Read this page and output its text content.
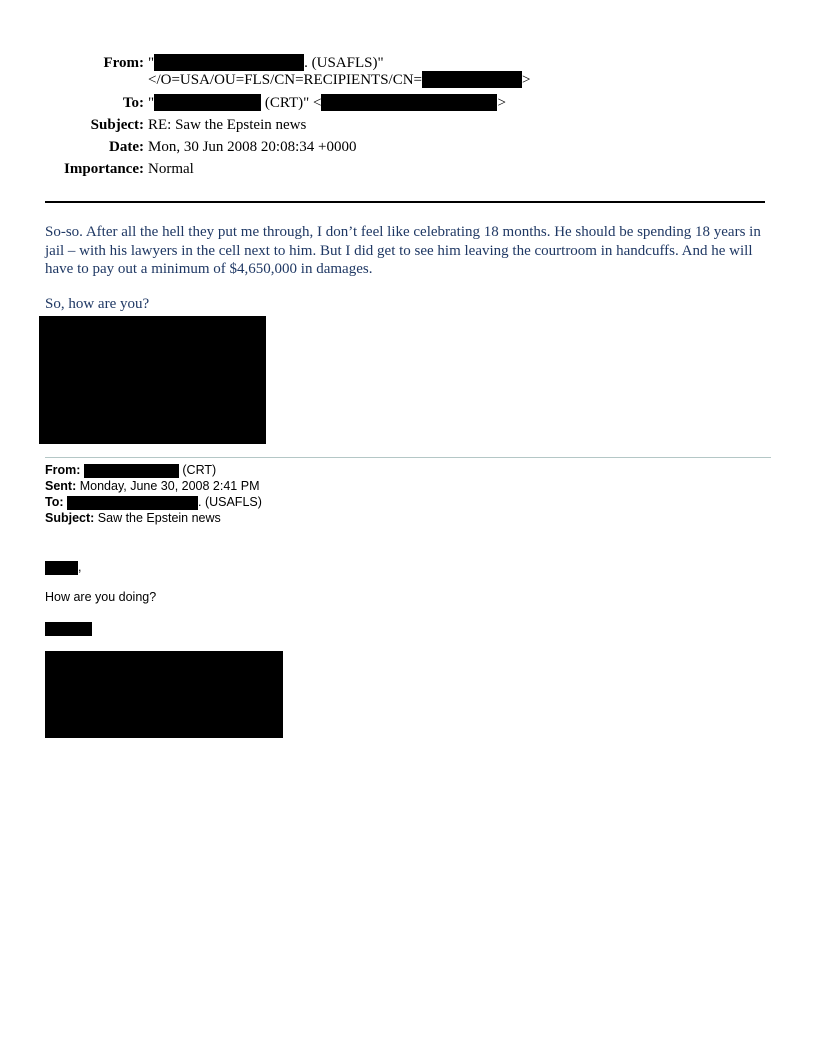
From: "	. (USAFLS)"
</O=USA/OU=FLS/CN=RECIPIENTS/CN=	>
To: "	(CRT)" <	>
Subject: RE: Saw the Epstein news
Date: Mon, 30 Jun 2008 20:08:34 +0000
Importance: Normal
So-so. After all the hell they put me through, I don’t feel like celebrating 18 months. He should be spending 18 years in jail – with his lawyers in the cell next to him. But I did get to see him leaving the courtroom in handcuffs. And he will have to pay out a minimum of $4,650,000 in damages.
So, how are you?
From:	(CRT)
Sent: Monday, June 30, 2008 2:41 PM
To:	. (USAFLS)
Subject: Saw the Epstein news
,
How are you doing?
